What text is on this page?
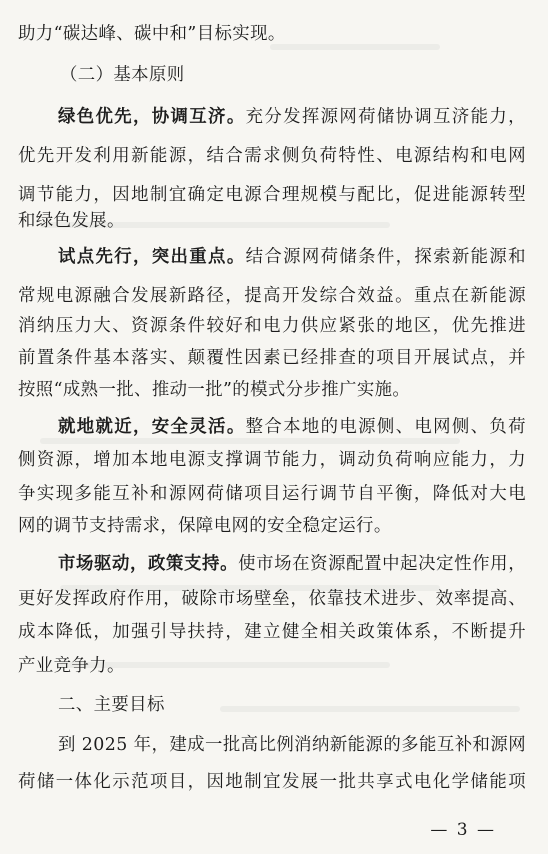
助力“碳达峰、碳中和”目标实现。
（二）基本原则
绿色优先，协调互济。充分发挥源网荷储协调互济能力，
优先开发利用新能源，结合需求侧负荷特性、电源结构和电网
调节能力，因地制宜确定电源合理规模与配比，促进能源转型
和绿色发展。
试点先行，突出重点。结合源网荷储条件，探索新能源和
常规电源融合发展新路径，提高开发综合效益。重点在新能源
消纳压力大、资源条件较好和电力供应紧张的地区，优先推进
前置条件基本落实、颠覆性因素已经排查的项目开展试点，并
按照“成熟一批、推动一批”的模式分步推广实施。
就地就近，安全灵活。整合本地的电源侧、电网侧、负荷
侧资源，增加本地电源支撑调节能力，调动负荷响应能力，力
争实现多能互补和源网荷储项目运行调节自平衡，降低对大电
网的调节支持需求，保障电网的安全稳定运行。
市场驱动，政策支持。使市场在资源配置中起决定性作用，
更好发挥政府作用，破除市场壁垒，依靠技术进步、效率提高、
成本降低，加强引导扶持，建立健全相关政策体系，不断提升
产业竞争力。
二、主要目标
到 2025 年，建成一批高比例消纳新能源的多能互补和源网
荷储一体化示范项目，因地制宜发展一批共享式电化学储能项
— 3 —
